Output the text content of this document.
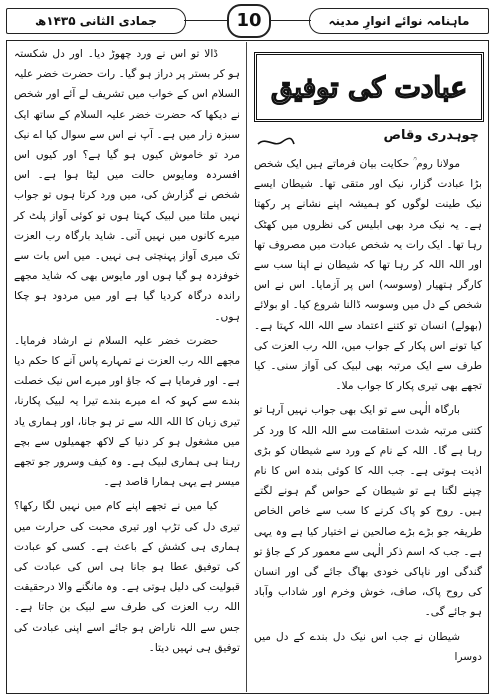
ماہنامہ نوائے انوارِ مدینہ
10
جمادی الثانی ۱۴۳۵ھ
عبادت کی توفیق
چوہدری وقاص

مولانا روم ؒ حکایت بیان فرماتے ہیں ایک شخص بڑا عبادت گزار، نیک اور متقی تھا۔ شیطان ایسے نیک طینت لوگوں کو ہمیشہ اپنے نشانے پر رکھتا ہے۔ یہ نیک مرد بھی ابلیس کی نظروں میں کھٹک رہا تھا۔ ایک رات یہ شخص عبادت میں مصروف تھا اور اللہ اللہ کر رہا تھا کہ شیطان نے اپنا سب سے کارگر ہتھیار (وسوسہ) اس پر آزمایا۔ اس نے اس شخص کے دل میں وسوسہ ڈالنا شروع کیا۔ او بولائے (بھولے) انسان تو کتنے اعتماد سے اللہ اللہ کہتا ہے۔ کیا تونے اس پکار کے جواب میں، اللہ رب العزت کی طرف سے ایک مرتبہ بھی لبیک کی آواز سنی۔ کیا تجھے بھی تیری پکار کا جواب ملا۔

بارگاہ الٰہی سے تو ایک بھی جواب نہیں آرہا تو کتنی مرتبہ شدت استقامت سے اللہ اللہ کا ورد کر رہا ہے گا۔ اللہ کے نام کے ورد سے شیطان کو بڑی اذیت ہوتی ہے۔ جب اللہ کا کوئی بندہ اس کا نام چپنے لگتا ہے تو شیطان کے حواس گم ہونے لگتے ہیں۔ روح کو پاک کرنے کا سب سے خاص الخاص طریقہ جو بڑے بڑے صالحین نے اختیار کیا ہے وہ یہی ہے۔ جب کہ اسم ذکر الٰہی سے معمور کر کے جاؤ تو گندگی اور ناپاکی خودی بھاگ جائے گی اور انسان کی روح پاک، صاف، خوش وخرم اور شاداب وآباد ہو جائے گی۔

شیطان نے جب اس نیک دل بندے کے دل میں دوسرا

ڈالا تو اس نے ورد چھوڑ دیا۔ اور دل شکستہ ہو کر بستر پر دراز ہو گیا۔ رات حضرت خضر علیہ السلام اس کے خواب میں تشریف لے آئے اور شخص نے دیکھا کہ حضرت خضر علیہ السلام کے ساتھ ایک سبزہ زار میں ہے۔ آپ نے اس سے سوال کیا اے نیک مرد تو خاموش کیوں ہو گیا ہے؟ اور کیوں اس افسردہ ومایوس حالت میں لیٹا ہوا ہے۔ اس شخص نے گزارش کی، میں ورد کرتا ہوں تو جواب نہیں ملتا میں لبیک کہتا ہوں تو کوئی آواز پلٹ کر میرے کانوں میں نہیں آتی۔ شاید بارگاہ رب العزت تک میری آواز پہنچتی ہی نہیں۔ میں اس بات سے خوفزدہ ہو گیا ہوں اور مایوس بھی کہ شاید مجھے راندہ درگاہ کردیا گیا ہے اور میں مردود ہو چکا ہوں۔

حضرت خضر علیہ السلام نے ارشاد فرمایا۔ مجھے اللہ رب العزت نے تمہارے پاس آنے کا حکم دیا ہے۔ اور فرمایا ہے کہ جاؤ اور میرے اس نیک خصلت بندے سے کہو کہ اے میرے بندے تیرا یہ لبیک پکارنا، تیری زبان کا اللہ اللہ سے تر ہو جانا، اور ہماری یاد میں مشغول ہو کر دنیا کے لاکھ جھمیلوں سے بچے رہنا ہی ہماری لبیک ہے۔ وہ کیف وسرور جو تجھے میسر ہے یہی ہمارا قاصد ہے۔

کیا میں نے تجھے اپنے کام میں نہیں لگا رکھا؟ تیری دل کی تڑپ اور تیری محبت کی حرارت میں ہماری ہی کشش کے باعث ہے۔ کسی کو عبادت کی توفیق عطا ہو جانا ہی اس کی عبادت کی قبولیت کی دلیل ہوتی ہے۔ وہ مانگنے والا درحقیقت اللہ رب العزت کی طرف سے لبیک بن جاتا ہے۔ جس سے اللہ ناراض ہو جائے اسے اپنی عبادت کی توفیق ہی نہیں دیتا۔
